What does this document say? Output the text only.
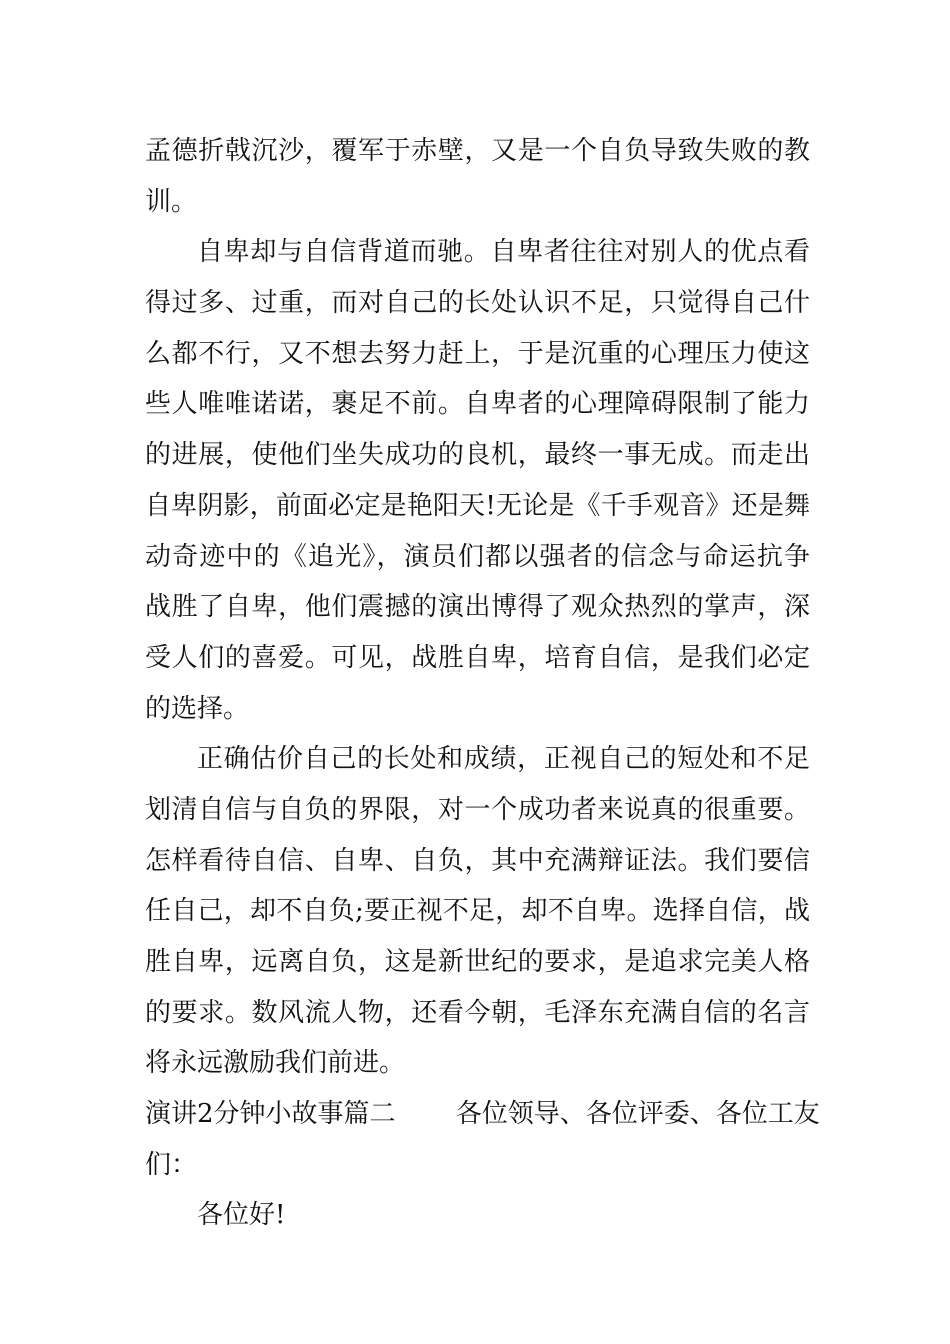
孟德折戟沉沙，覆军于赤壁，又是一个自负导致失败的教
训。
自卑却与自信背道而驰。自卑者往往对别人的优点看
得过多、过重，而对自己的长处认识不足，只觉得自己什
么都不行，又不想去努力赶上，于是沉重的心理压力使这
些人唯唯诺诺，裹足不前。自卑者的心理障碍限制了能力
的进展，使他们坐失成功的良机，最终一事无成。而走出
自卑阴影，前面必定是艳阳天!无论是《千手观音》还是舞
动奇迹中的《追光》，演员们都以强者的信念与命运抗争
战胜了自卑，他们震撼的演出博得了观众热烈的掌声，深
受人们的喜爱。可见，战胜自卑，培育自信，是我们必定
的选择。
正确估价自己的长处和成绩，正视自己的短处和不足
划清自信与自负的界限，对一个成功者来说真的很重要。
怎样看待自信、自卑、自负，其中充满辩证法。我们要信
任自己，却不自负;要正视不足，却不自卑。选择自信，战
胜自卑，远离自负，这是新世纪的要求，是追求完美人格
的要求。数风流人物，还看今朝，毛泽东充满自信的名言
将永远激励我们前进。
演讲2分钟小故事篇二　　 各位领导、各位评委、各位工友
们：
各位好!
